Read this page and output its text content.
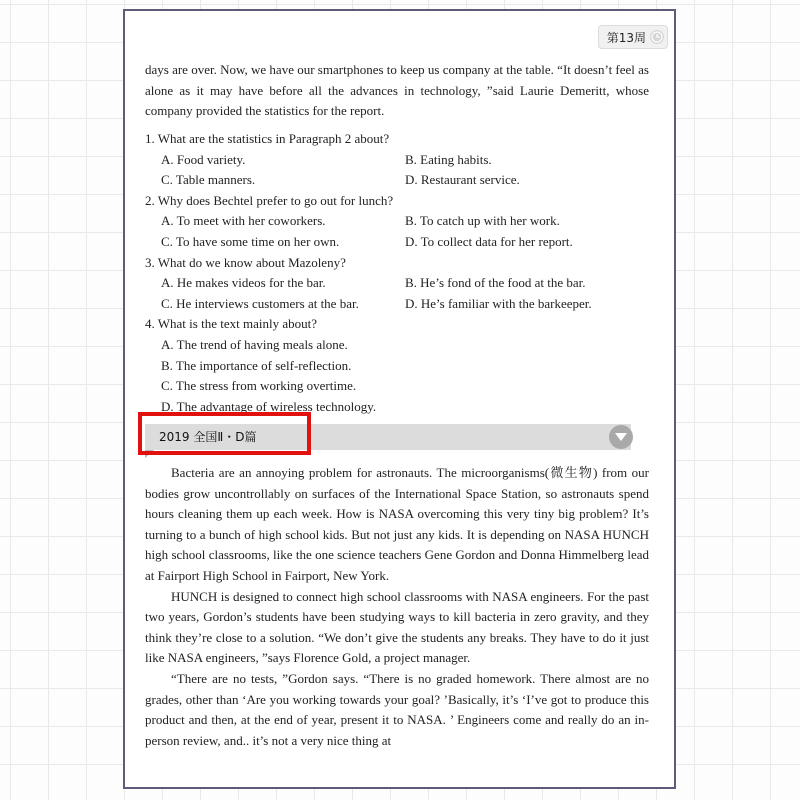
第13周

days are over. Now, we have our smartphones to keep us company at the table. “It doesn’t feel as alone as it may have before all the advances in technology, ”said Laurie Demeritt, whose company provided the statistics for the report.

1. What are the statistics in Paragraph 2 about?
A. Food variety.	B. Eating habits.
C. Table manners.	D. Restaurant service.
2. Why does Bechtel prefer to go out for lunch?
A. To meet with her coworkers.	B. To catch up with her work.
C. To have some time on her own.	D. To collect data for her report.
3. What do we know about Mazoleny?
A. He makes videos for the bar.	B. He’s fond of the food at the bar.
C. He interviews customers at the bar.	D. He’s familiar with the barkeeper.
4. What is the text mainly about?
A. The trend of having meals alone.
B. The importance of self-reflection.
C. The stress from working overtime.
D. The advantage of wireless technology.
2019 全国Ⅱ・D篇

Bacteria are an annoying problem for astronauts. The microorganisms(微生物) from our bodies grow uncontrollably on surfaces of the International Space Station, so astronauts spend hours cleaning them up each week. How is NASA overcoming this very tiny big problem? It’s turning to a bunch of high school kids. But not just any kids. It is depending on NASA HUNCH high school classrooms, like the one science teachers Gene Gordon and Donna Himmelberg lead at Fairport High School in Fairport, New York.

HUNCH is designed to connect high school classrooms with NASA engineers. For the past two years, Gordon’s students have been studying ways to kill bacteria in zero gravity, and they think they’re close to a solution. “We don’t give the students any breaks. They have to do it just like NASA engineers, ”says Florence Gold, a project manager.

“There are no tests, ”Gordon says. “There is no graded homework. There almost are no grades, other than ‘Are you working towards your goal? ’Basically, it’s ‘I’ve got to produce this product and then, at the end of year, present it to NASA. ’ Engineers come and really do an in-person review, and.. it’s not a very nice thing at
